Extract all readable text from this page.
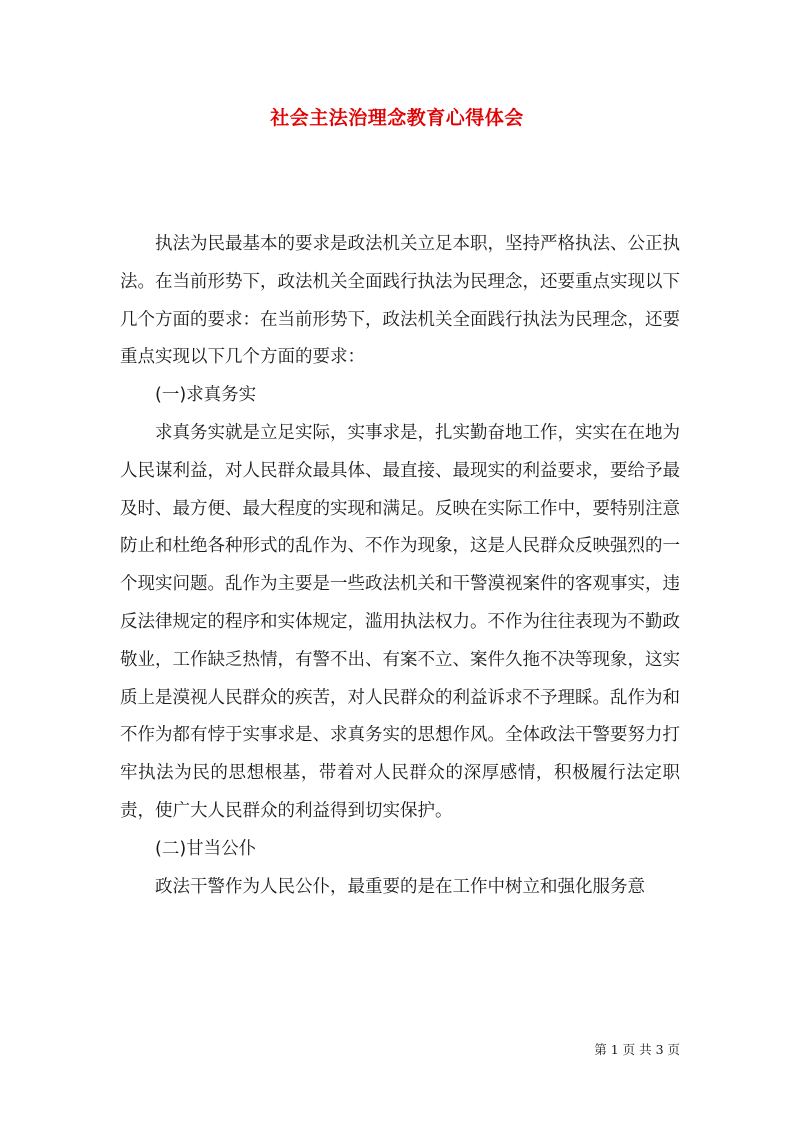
社会主法治理念教育心得体会

执法为民最基本的要求是政法机关立足本职，坚持严格执法、公正执法。在当前形势下，政法机关全面践行执法为民理念，还要重点实现以下几个方面的要求：在当前形势下，政法机关全面践行执法为民理念，还要重点实现以下几个方面的要求：

(一)求真务实

求真务实就是立足实际，实事求是，扎实勤奋地工作，实实在在地为人民谋利益，对人民群众最具体、最直接、最现实的利益要求，要给予最及时、最方便、最大程度的实现和满足。反映在实际工作中，要特别注意防止和杜绝各种形式的乱作为、不作为现象，这是人民群众反映强烈的一个现实问题。乱作为主要是一些政法机关和干警漠视案件的客观事实，违反法律规定的程序和实体规定，滥用执法权力。不作为往往表现为不勤政敬业，工作缺乏热情，有警不出、有案不立、案件久拖不决等现象，这实质上是漠视人民群众的疾苦，对人民群众的利益诉求不予理睬。乱作为和不作为都有悖于实事求是、求真务实的思想作风。全体政法干警要努力打牢执法为民的思想根基，带着对人民群众的深厚感情，积极履行法定职责，使广大人民群众的利益得到切实保护。

(二)甘当公仆

政法干警作为人民公仆，最重要的是在工作中树立和强化服务意

第 1 页 共 3 页
